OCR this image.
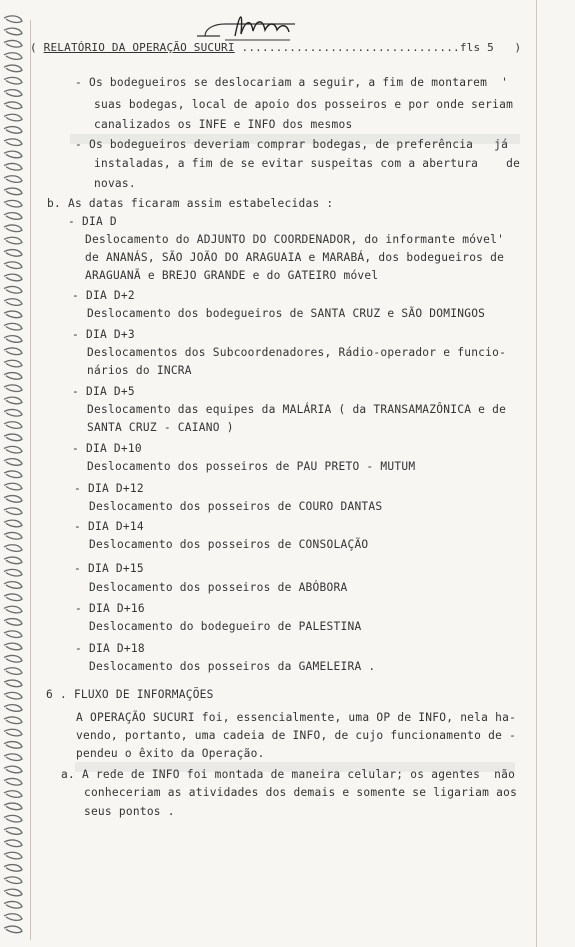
( RELATÓRIO DA OPERAÇÃO SUCURI ................................fls 5   )
- Os bodegueiros se deslocariam a seguir, a fim de montarem  '
suas bodegas, local de apoio dos posseiros e por onde seriam
canalizados os INFE e INFO dos mesmos
- Os bodegueiros deveriam comprar bodegas, de preferência   já
instaladas, a fim de se evitar suspeitas com a abertura    de
novas.
b. As datas ficaram assim estabelecidas :
- DIA D
Deslocamento do ADJUNTO DO COORDENADOR, do informante móvel'
de ANANÁS, SÃO JOÃO DO ARAGUAIA e MARABÁ, dos bodegueiros de
ARAGUANÃ e BREJO GRANDE e do GATEIRO móvel
- DIA D+2
Deslocamento dos bodegueiros de SANTA CRUZ e SÃO DOMINGOS
- DIA D+3
Deslocamentos dos Subcoordenadores, Rádio-operador e funcio-
nários do INCRA
- DIA D+5
Deslocamento das equipes da MALÁRIA ( da TRANSAMAZÔNICA e de
SANTA CRUZ - CAIANO )
- DIA D+10
Deslocamento dos posseiros de PAU PRETO - MUTUM
- DIA D+12
Deslocamento dos posseiros de COURO DANTAS
- DIA D+14
Deslocamento dos posseiros de CONSOLAÇÃO
- DIA D+15
Deslocamento dos posseiros de ABÓBORA
- DIA D+16
Deslocamento do bodegueiro de PALESTINA
- DIA D+18
Deslocamento dos posseiros da GAMELEIRA .
6 . FLUXO DE INFORMAÇÕES
A OPERAÇÃO SUCURI foi, essencialmente, uma OP de INFO, nela ha-
vendo, portanto, uma cadeia de INFO, de cujo funcionamento de -
pendeu o êxito da Operação.
a. A rede de INFO foi montada de maneira celular; os agentes  não
conheceriam as atividades dos demais e somente se ligariam aos
seus pontos .
